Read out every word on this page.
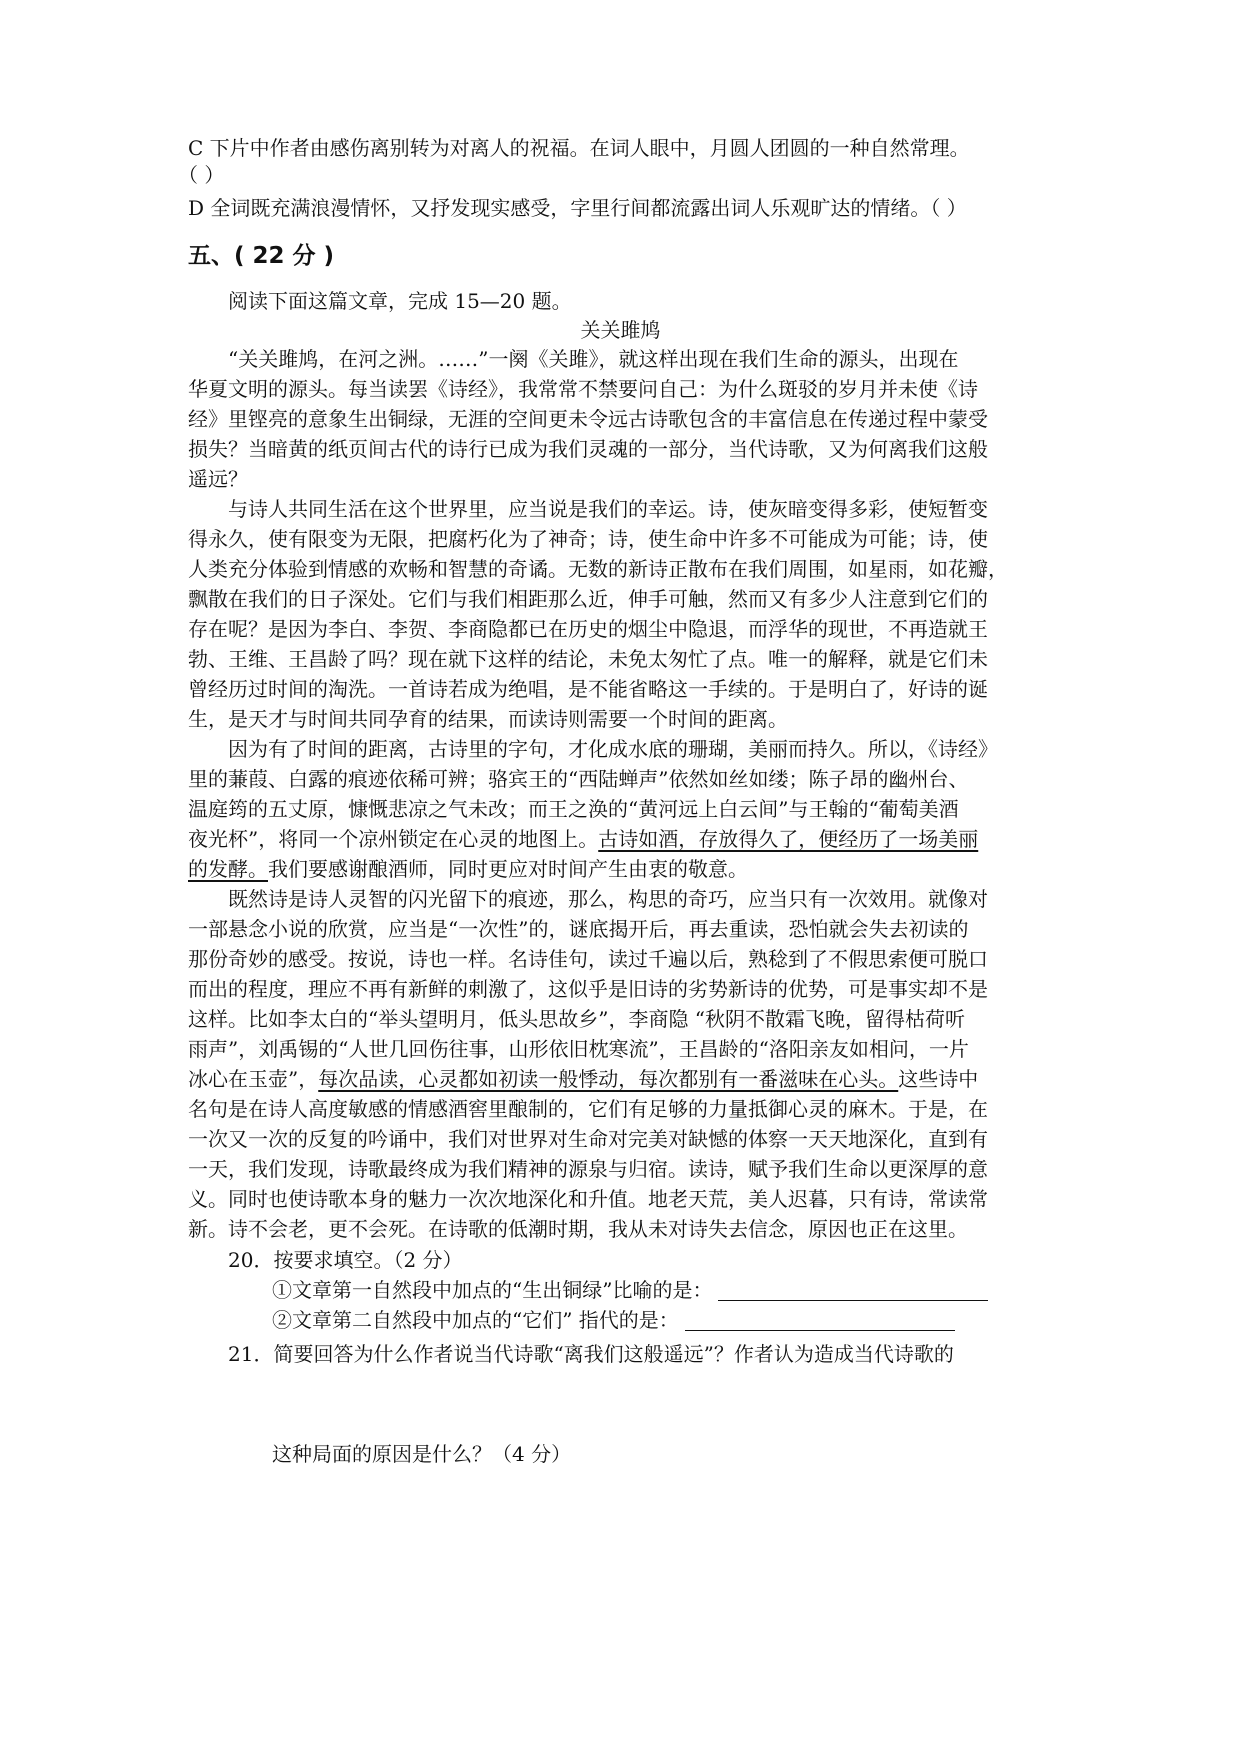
C 下片中作者由感伤离别转为对离人的祝福。在词人眼中，月圆人团圆的一种自然常理。
（ ）
D 全词既充满浪漫情怀，又抒发现实感受，字里行间都流露出词人乐观旷达的情绪。（ ）
五、( 22 分 )
阅读下面这篇文章，完成 15—20 题。
关关雎鸠
“关关雎鸠，在河之洲。……”一阕《关雎》，就这样出现在我们生命的源头，出现在
华夏文明的源头。每当读罢《诗经》，我常常不禁要问自己：为什么斑驳的岁月并未使《诗
经》里铿亮的意象生出铜绿，无涯的空间更未令远古诗歌包含的丰富信息在传递过程中蒙受
损失？当暗黄的纸页间古代的诗行已成为我们灵魂的一部分，当代诗歌，又为何离我们这般
遥远？
与诗人共同生活在这个世界里，应当说是我们的幸运。诗，使灰暗变得多彩，使短暂变
得永久，使有限变为无限，把腐朽化为了神奇；诗，使生命中许多不可能成为可能；诗，使
人类充分体验到情感的欢畅和智慧的奇谲。无数的新诗正散布在我们周围，如星雨，如花瓣，
飘散在我们的日子深处。它们与我们相距那么近，伸手可触，然而又有多少人注意到它们的
存在呢？是因为李白、李贺、李商隐都已在历史的烟尘中隐退，而浮华的现世，不再造就王
勃、王维、王昌龄了吗？现在就下这样的结论，未免太匆忙了点。唯一的解释，就是它们未
曾经历过时间的淘洗。一首诗若成为绝唱，是不能省略这一手续的。于是明白了，好诗的诞
生，是天才与时间共同孕育的结果，而读诗则需要一个时间的距离。
因为有了时间的距离，古诗里的字句，才化成水底的珊瑚，美丽而持久。所以，《诗经》
里的蒹葭、白露的痕迹依稀可辨；骆宾王的“西陆蝉声”依然如丝如缕；陈子昂的幽州台、
温庭筠的五丈原，慷慨悲凉之气未改；而王之涣的“黄河远上白云间”与王翰的“葡萄美酒
夜光杯”，将同一个凉州锁定在心灵的地图上。古诗如酒，存放得久了，便经历了一场美丽
的发酵。我们要感谢酿酒师，同时更应对时间产生由衷的敬意。
既然诗是诗人灵智的闪光留下的痕迹，那么，构思的奇巧，应当只有一次效用。就像对
一部悬念小说的欣赏，应当是“一次性”的，谜底揭开后，再去重读，恐怕就会失去初读的
那份奇妙的感受。按说，诗也一样。名诗佳句，读过千遍以后，熟稔到了不假思索便可脱口
而出的程度，理应不再有新鲜的刺激了，这似乎是旧诗的劣势新诗的优势，可是事实却不是
这样。比如李太白的“举头望明月，低头思故乡”，李商隐 “秋阴不散霜飞晚，留得枯荷听
雨声”，刘禹锡的“人世几回伤往事，山形依旧枕寒流”，王昌龄的“洛阳亲友如相问，一片
冰心在玉壶”，每次品读，心灵都如初读一般悸动，每次都别有一番滋味在心头。这些诗中
名句是在诗人高度敏感的情感酒窖里酿制的，它们有足够的力量抵御心灵的麻木。于是，在
一次又一次的反复的吟诵中，我们对世界对生命对完美对缺憾的体察一天天地深化，直到有
一天，我们发现，诗歌最终成为我们精神的源泉与归宿。读诗，赋予我们生命以更深厚的意
义。同时也使诗歌本身的魅力一次次地深化和升值。地老天荒，美人迟暮，只有诗，常读常
新。诗不会老，更不会死。在诗歌的低潮时期，我从未对诗失去信念，原因也正在这里。
20．按要求填空。（2 分）
①文章第一自然段中加点的“生出铜绿”比喻的是：
②文章第二自然段中加点的“它们” 指代的是：
21．简要回答为什么作者说当代诗歌“离我们这般遥远”？作者认为造成当代诗歌的
这种局面的原因是什么？（4 分）
